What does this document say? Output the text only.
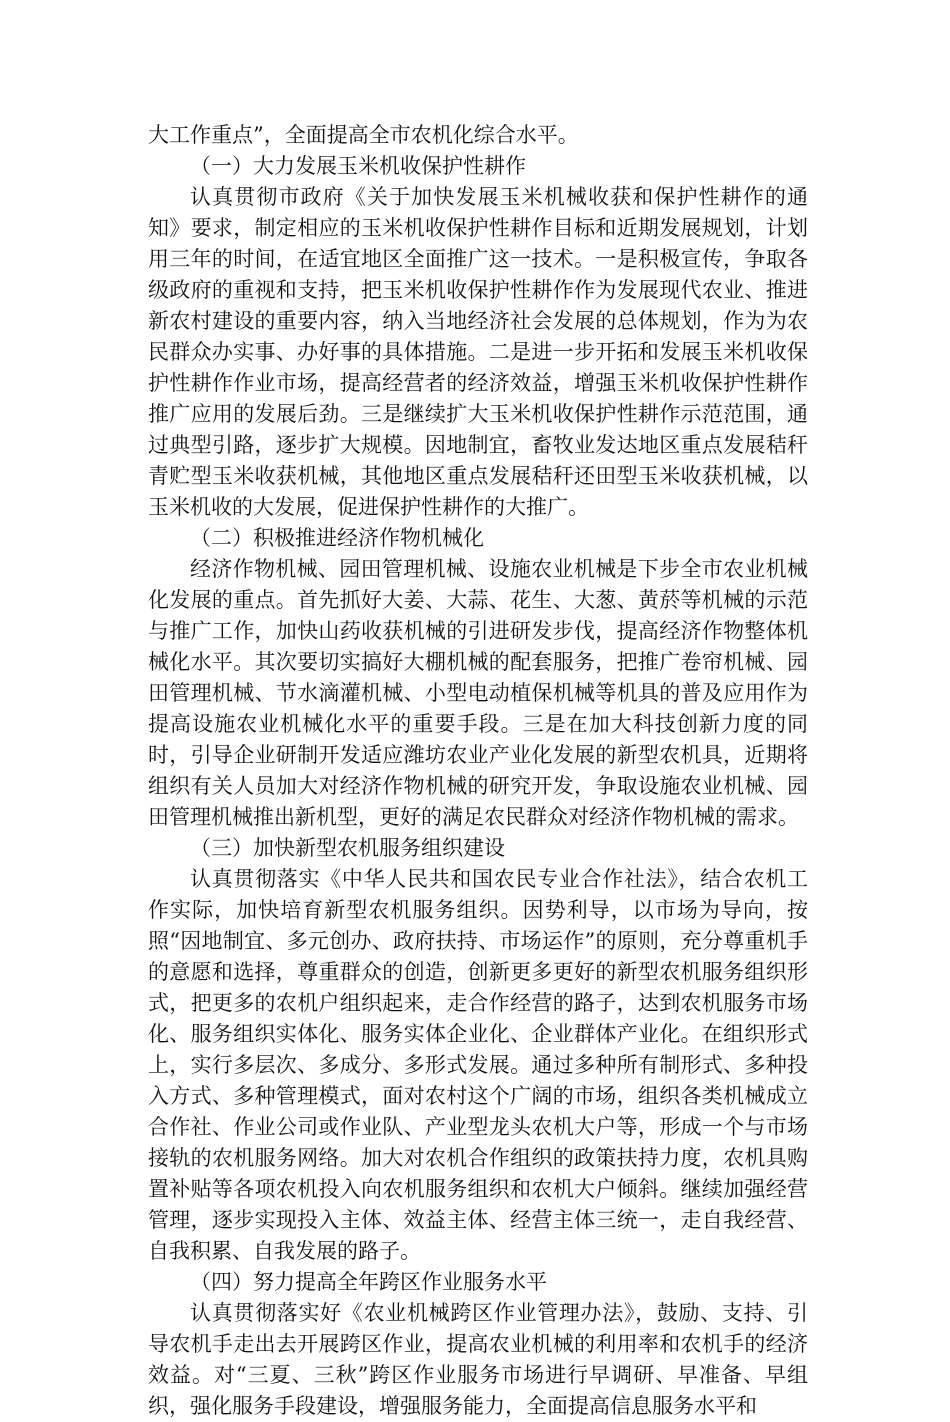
大工作重点”，全面提高全市农机化综合水平。

（一）大力发展玉米机收保护性耕作

认真贯彻市政府《关于加快发展玉米机械收获和保护性耕作的通知》要求，制定相应的玉米机收保护性耕作目标和近期发展规划，计划用三年的时间，在适宜地区全面推广这一技术。一是积极宣传，争取各级政府的重视和支持，把玉米机收保护性耕作作为发展现代农业、推进新农村建设的重要内容，纳入当地经济社会发展的总体规划，作为为农民群众办实事、办好事的具体措施。二是进一步开拓和发展玉米机收保护性耕作作业市场，提高经营者的经济效益，增强玉米机收保护性耕作推广应用的发展后劲。三是继续扩大玉米机收保护性耕作示范范围，通过典型引路，逐步扩大规模。因地制宜，畜牧业发达地区重点发展秸秆青贮型玉米收获机械，其他地区重点发展秸秆还田型玉米收获机械，以玉米机收的大发展，促进保护性耕作的大推广。

（二）积极推进经济作物机械化

经济作物机械、园田管理机械、设施农业机械是下步全市农业机械化发展的重点。首先抓好大姜、大蒜、花生、大葱、黄菸等机械的示范与推广工作，加快山药收获机械的引进研发步伐，提高经济作物整体机械化水平。其次要切实搞好大棚机械的配套服务，把推广卷帘机械、园田管理机械、节水滴灌机械、小型电动植保机械等机具的普及应用作为提高设施农业机械化水平的重要手段。三是在加大科技创新力度的同时，引导企业研制开发适应潍坊农业产业化发展的新型农机具，近期将组织有关人员加大对经济作物机械的研究开发，争取设施农业机械、园田管理机械推出新机型，更好的满足农民群众对经济作物机械的需求。

（三）加快新型农机服务组织建设

认真贯彻落实《中华人民共和国农民专业合作社法》，结合农机工作实际，加快培育新型农机服务组织。因势利导，以市场为导向，按照“因地制宜、多元创办、政府扶持、市场运作”的原则，充分尊重机手的意愿和选择，尊重群众的创造，创新更多更好的新型农机服务组织形式，把更多的农机户组织起来，走合作经营的路子，达到农机服务市场化、服务组织实体化、服务实体企业化、企业群体产业化。在组织形式上，实行多层次、多成分、多形式发展。通过多种所有制形式、多种投入方式、多种管理模式，面对农村这个广阔的市场，组织各类机械成立合作社、作业公司或作业队、产业型龙头农机大户等，形成一个与市场接轨的农机服务网络。加大对农机合作组织的政策扶持力度，农机具购置补贴等各项农机投入向农机服务组织和农机大户倾斜。继续加强经营管理，逐步实现投入主体、效益主体、经营主体三统一，走自我经营、自我积累、自我发展的路子。

（四）努力提高全年跨区作业服务水平

认真贯彻落实好《农业机械跨区作业管理办法》，鼓励、支持、引导农机手走出去开展跨区作业，提高农业机械的利用率和农机手的经济效益。对“三夏、三秋”跨区作业服务市场进行早调研、早准备、早组织，强化服务手段建设，增强服务能力，全面提高信息服务水平和
